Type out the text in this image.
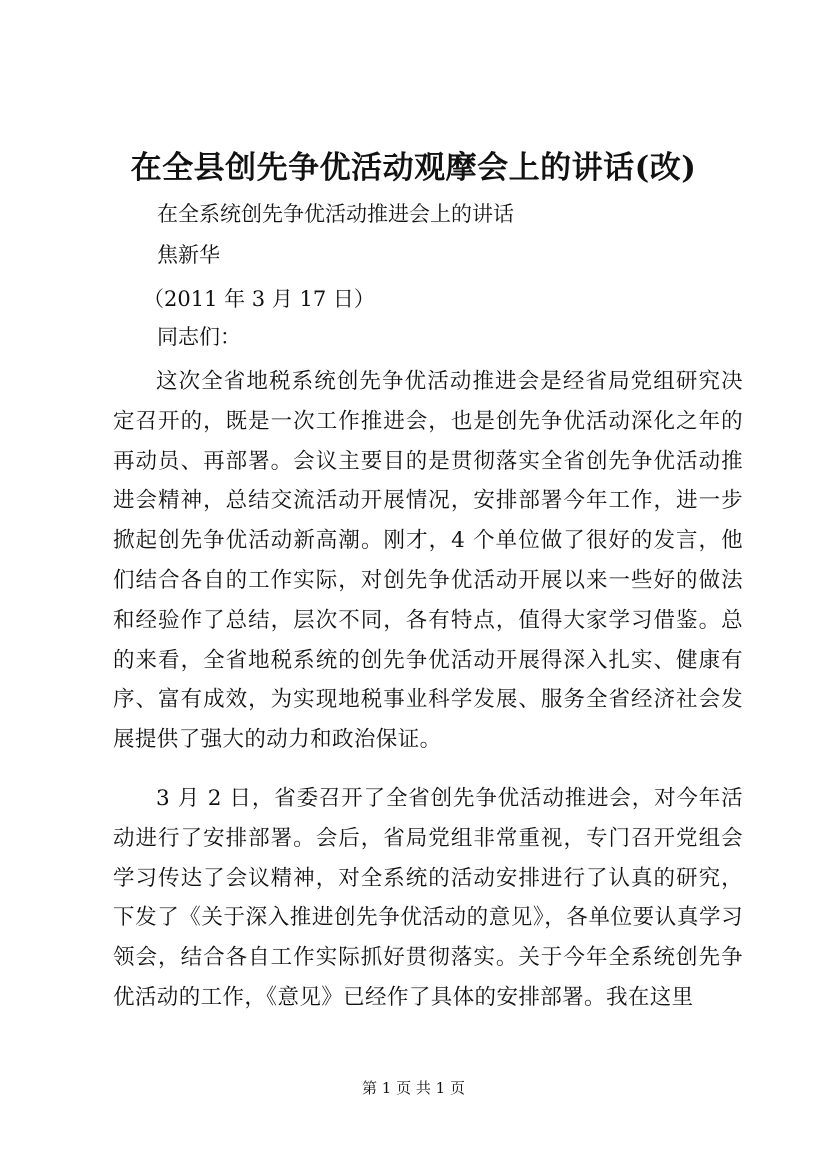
在全县创先争优活动观摩会上的讲话(改)
在全系统创先争优活动推进会上的讲话
焦新华
（2011 年 3 月 17 日）
同志们：

这次全省地税系统创先争优活动推进会是经省局党组研究决定召开的，既是一次工作推进会，也是创先争优活动深化之年的再动员、再部署。会议主要目的是贯彻落实全省创先争优活动推进会精神，总结交流活动开展情况，安排部署今年工作，进一步掀起创先争优活动新高潮。刚才，4 个单位做了很好的发言，他们结合各自的工作实际，对创先争优活动开展以来一些好的做法和经验作了总结，层次不同，各有特点，值得大家学习借鉴。总的来看，全省地税系统的创先争优活动开展得深入扎实、健康有序、富有成效，为实现地税事业科学发展、服务全省经济社会发展提供了强大的动力和政治保证。

3 月 2 日，省委召开了全省创先争优活动推进会，对今年活动进行了安排部署。会后，省局党组非常重视，专门召开党组会学习传达了会议精神，对全系统的活动安排进行了认真的研究，下发了《关于深入推进创先争优活动的意见》，各单位要认真学习领会，结合各自工作实际抓好贯彻落实。关于今年全系统创先争优活动的工作，《意见》已经作了具体的安排部署。我在这里

第 1 页 共 1 页
